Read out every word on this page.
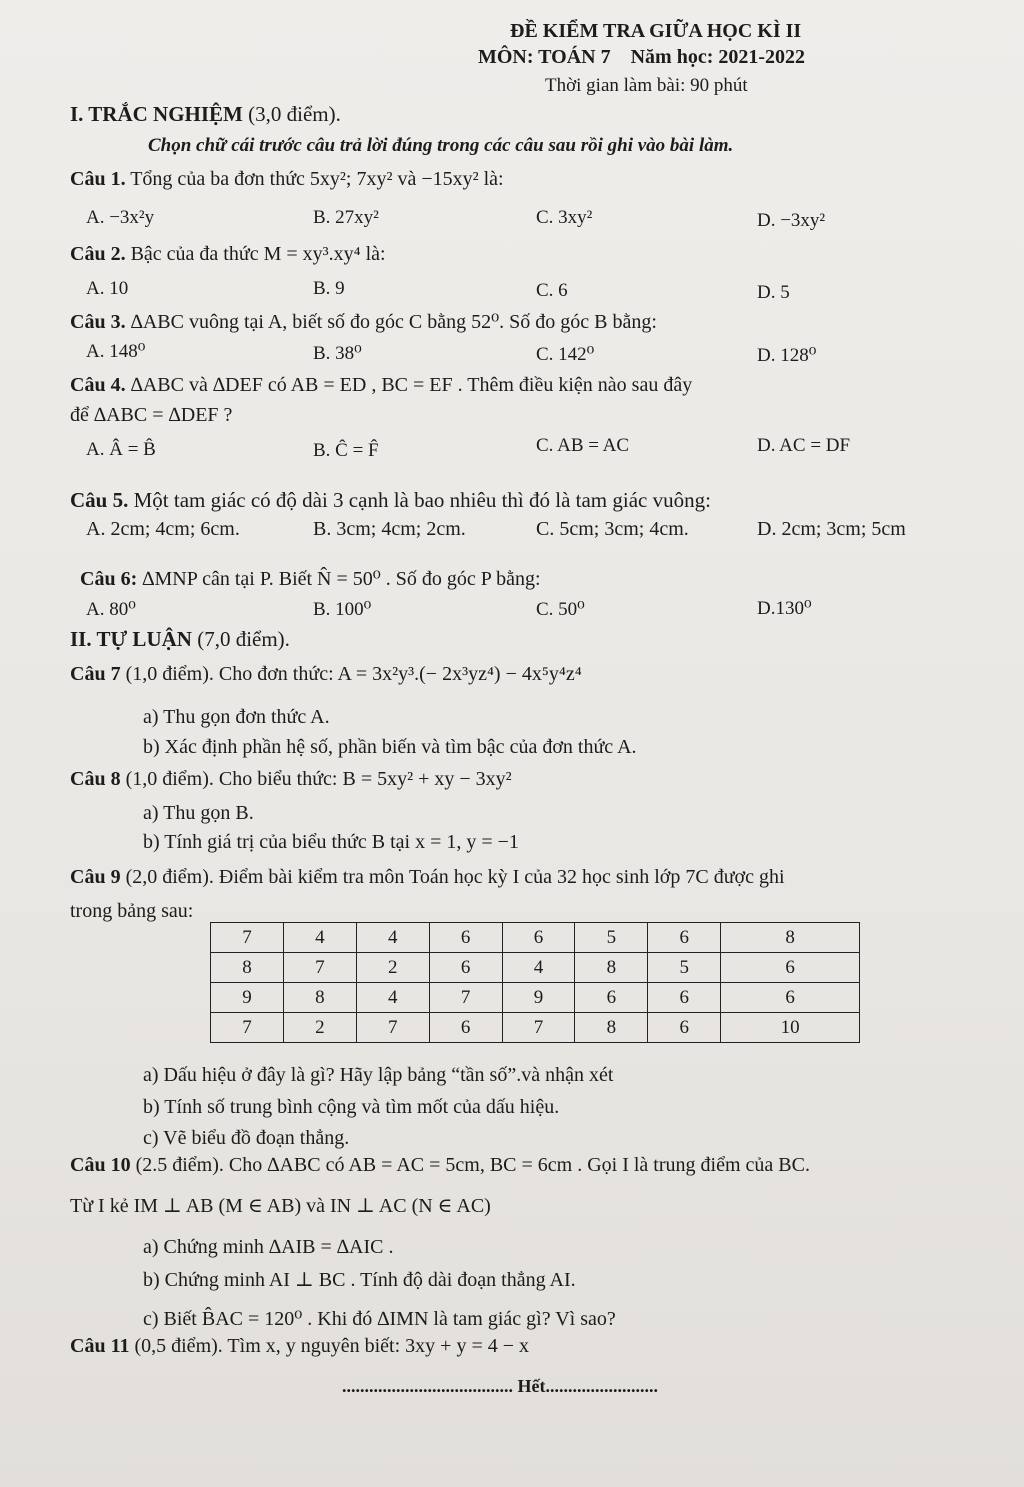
ĐỀ KIỂM TRA GIỮA HỌC KÌ II
MÔN: TOÁN 7 Năm học: 2021-2022
Thời gian làm bài: 90 phút
I. TRẮC NGHIỆM (3,0 điểm).
Chọn chữ cái trước câu trả lời đúng trong các câu sau rồi ghi vào bài làm.
Câu 1. Tổng của ba đơn thức 5xy²; 7xy² và −15xy² là:
A. −3x²y	B. 27xy²	C. 3xy²	D. −3xy²
Câu 2. Bậc của đa thức M = xy³.xy⁴ là:
A. 10	B. 9	C. 6	D. 5
Câu 3. ∆ABC vuông tại A, biết số đo góc C bằng 52⁰. Số đo góc B bằng:
A. 148⁰	B. 38⁰	C. 142⁰	D. 128⁰
Câu 4. ∆ABC và ∆DEF có AB = ED , BC = EF . Thêm điều kiện nào sau đây
để ∆ABC = ∆DEF ?
A. Â = B̂	B. Ĉ = F̂	C. AB = AC	D. AC = DF
Câu 5. Một tam giác có độ dài 3 cạnh là bao nhiêu thì đó là tam giác vuông:
A. 2cm; 4cm; 6cm.	B. 3cm; 4cm; 2cm.	C. 5cm; 3cm; 4cm.	D. 2cm; 3cm; 5cm
Câu 6: ∆MNP cân tại P. Biết N̂ = 50⁰ . Số đo góc P bằng:
A. 80⁰	B. 100⁰	C. 50⁰	D.130⁰
II. TỰ LUẬN (7,0 điểm).
Câu 7 (1,0 điểm). Cho đơn thức: A = 3x²y³.(− 2x³yz⁴) − 4x⁵y⁴z⁴
a) Thu gọn đơn thức A.
b) Xác định phần hệ số, phần biến và tìm bậc của đơn thức A.
Câu 8 (1,0 điểm). Cho biểu thức: B = 5xy² + xy − 3xy²
a) Thu gọn B.
b) Tính giá trị của biểu thức B tại x = 1, y = −1
Câu 9 (2,0 điểm). Điểm bài kiểm tra môn Toán học kỳ I của 32 học sinh lớp 7C được ghi
trong bảng sau:
7	4	4	6	6	5	6	8
8	7	2	6	4	8	5	6
9	8	4	7	9	6	6	6
7	2	7	6	7	8	6	10
a) Dấu hiệu ở đây là gì? Hãy lập bảng “tần số”.và nhận xét
b) Tính số trung bình cộng và tìm mốt của dấu hiệu.
c) Vẽ biểu đồ đoạn thẳng.
Câu 10 (2.5 điểm). Cho ∆ABC có AB = AC = 5cm, BC = 6cm . Gọi I là trung điểm của BC.
Từ I kẻ IM ⊥ AB (M ∈ AB) và IN ⊥ AC (N ∈ AC)
a) Chứng minh ∆AIB = ∆AIC .
b) Chứng minh AI ⊥ BC . Tính độ dài đoạn thẳng AI.
c) Biết B̂AC = 120⁰ . Khi đó ∆IMN là tam giác gì? Vì sao?
Câu 11 (0,5 điểm). Tìm x, y nguyên biết: 3xy + y = 4 − x
...................................... Hết.........................
